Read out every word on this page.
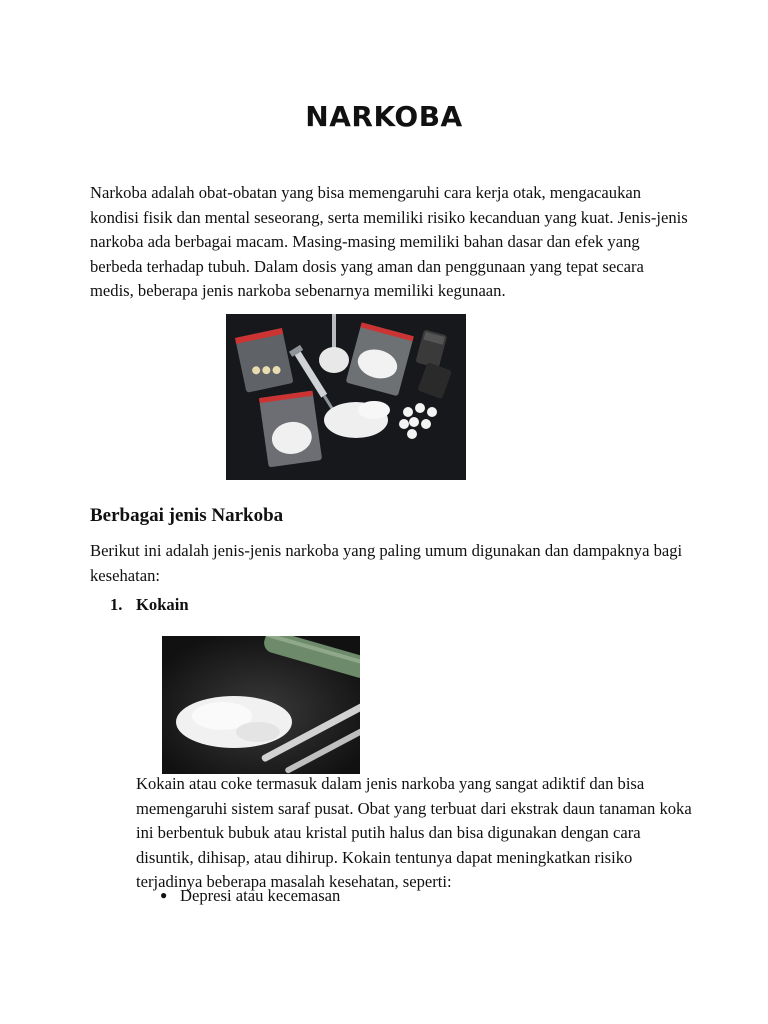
NARKOBA

Narkoba adalah obat-obatan yang bisa memengaruhi cara kerja otak, mengacaukan kondisi fisik dan mental seseorang, serta memiliki risiko kecanduan yang kuat. Jenis-jenis narkoba ada berbagai macam. Masing-masing memiliki bahan dasar dan efek yang berbeda terhadap tubuh. Dalam dosis yang aman dan penggunaan yang tepat secara medis, beberapa jenis narkoba sebenarnya memiliki kegunaan.

Berbagai jenis Narkoba

Berikut ini adalah jenis-jenis narkoba yang paling umum digunakan dan dampaknya bagi kesehatan:

1. Kokain

Kokain atau coke termasuk dalam jenis narkoba yang sangat adiktif dan bisa memengaruhi sistem saraf pusat. Obat yang terbuat dari ekstrak daun tanaman koka ini berbentuk bubuk atau kristal putih halus dan bisa digunakan dengan cara disuntik, dihisap, atau dihirup. Kokain tentunya dapat meningkatkan risiko terjadinya beberapa masalah kesehatan, seperti:

● Depresi atau kecemasan
